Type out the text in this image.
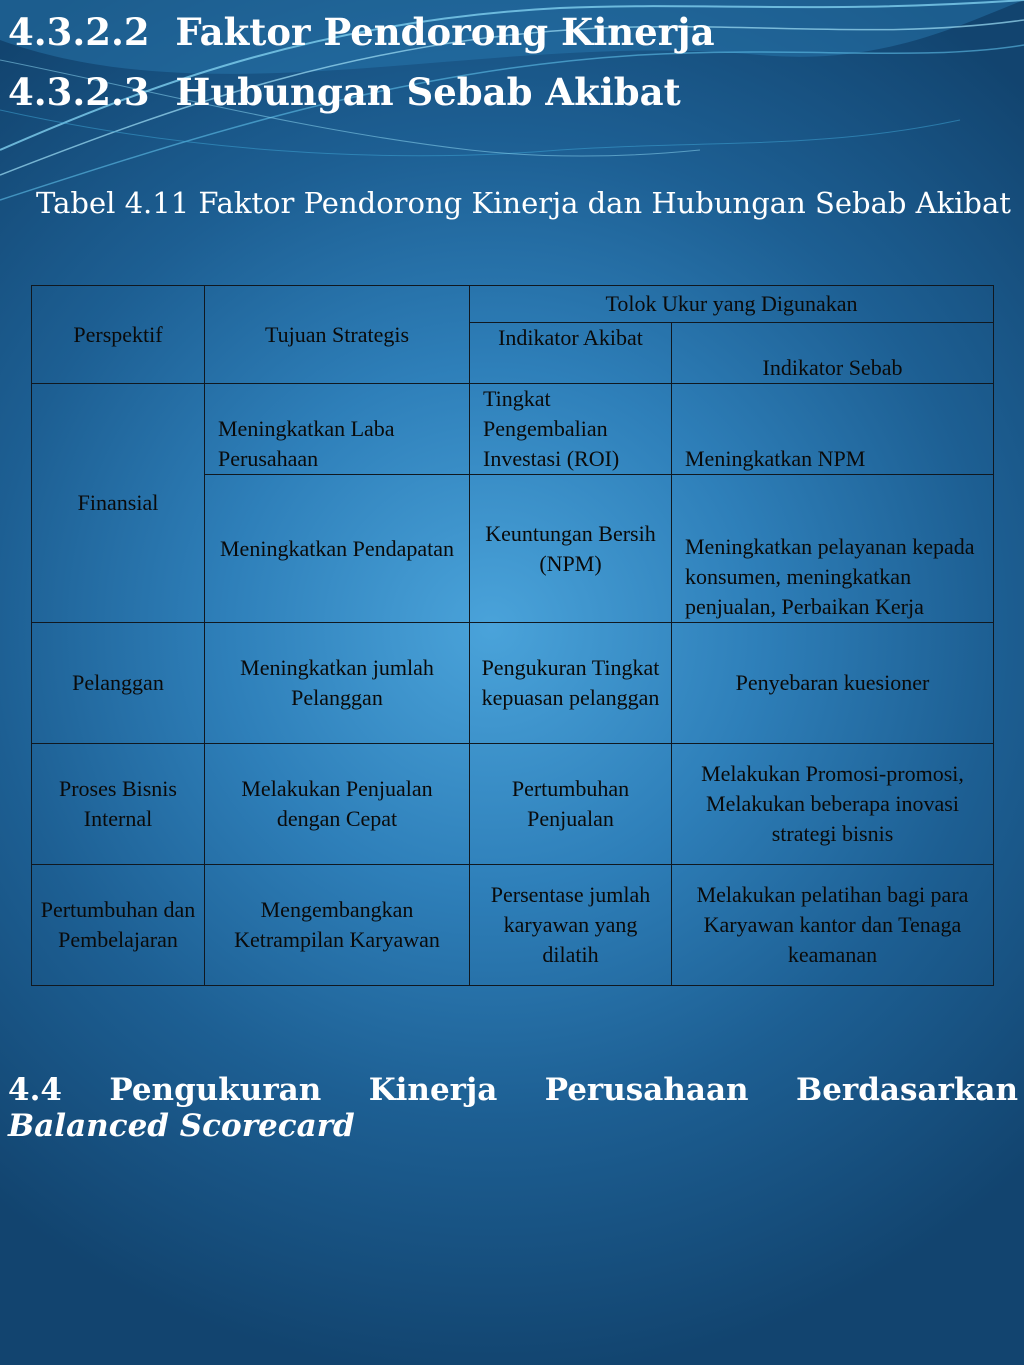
4.3.2.2 Faktor Pendorong Kinerja

4.3.2.3 Hubungan Sebab Akibat

Tabel 4.11 Faktor Pendorong Kinerja dan Hubungan Sebab Akibat

Perspektif	Tujuan Strategis	Tolok Ukur yang Digunakan	
		Indikator Akibat	Indikator Sebab
Finansial	Meningkatkan Laba Perusahaan	Tingkat Pengembalian Investasi (ROI)	Meningkatkan NPM
	Meningkatkan Pendapatan	Keuntungan Bersih (NPM)	Meningkatkan pelayanan kepada konsumen, meningkatkan penjualan, Perbaikan Kerja
Pelanggan	Meningkatkan jumlah Pelanggan	Pengukuran Tingkat kepuasan pelanggan	Penyebaran kuesioner
Proses Bisnis Internal	Melakukan Penjualan dengan Cepat	Pertumbuhan Penjualan	Melakukan Promosi-promosi, Melakukan beberapa inovasi strategi bisnis
Pertumbuhan dan Pembelajaran	Mengembangkan Ketrampilan Karyawan	Persentase jumlah karyawan yang dilatih	Melakukan pelatihan bagi para Karyawan kantor dan Tenaga keamanan
4.4 Pengukuran Kinerja Perusahaan Berdasarkan
Balanced Scorecard
